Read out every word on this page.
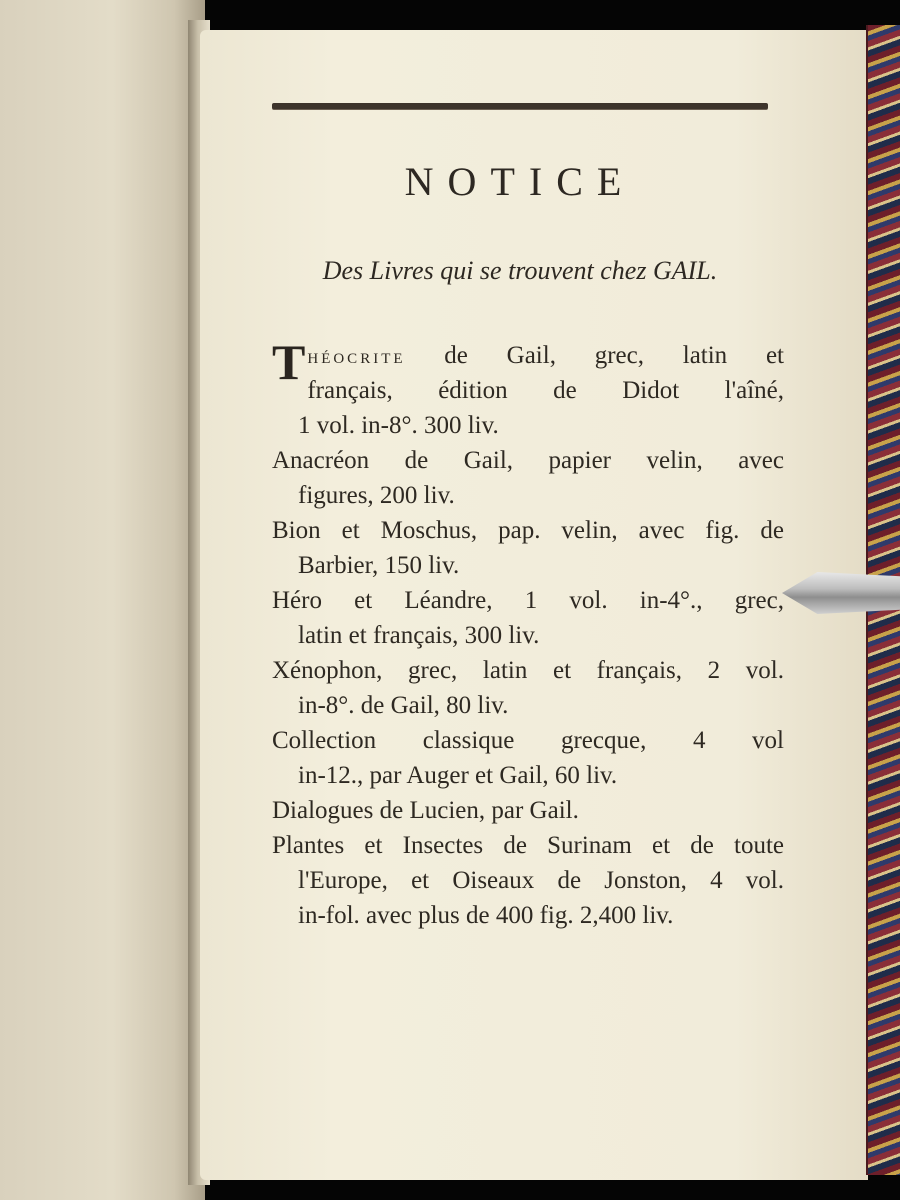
NOTICE
Des Livres qui se trouvent chez GAIL.
T héocrite de Gail, grec, latin et
français, édition de Didot l'aîné,
1 vol. in-8°. 300 liv.
Anacréon de Gail, papier velin, avec
figures, 200 liv.
Bion et Moschus, pap. velin, avec fig. de
Barbier, 150 liv.
Héro et Léandre, 1 vol. in-4°., grec,
latin et français, 300 liv.
Xénophon, grec, latin et français, 2 vol.
in-8°. de Gail, 80 liv.
Collection classique grecque, 4 vol
in-12., par Auger et Gail, 60 liv.
Dialogues de Lucien, par Gail.
Plantes et Insectes de Surinam et de toute
l'Europe, et Oiseaux de Jonston, 4 vol.
in-fol. avec plus de 400 fig. 2,400 liv.
